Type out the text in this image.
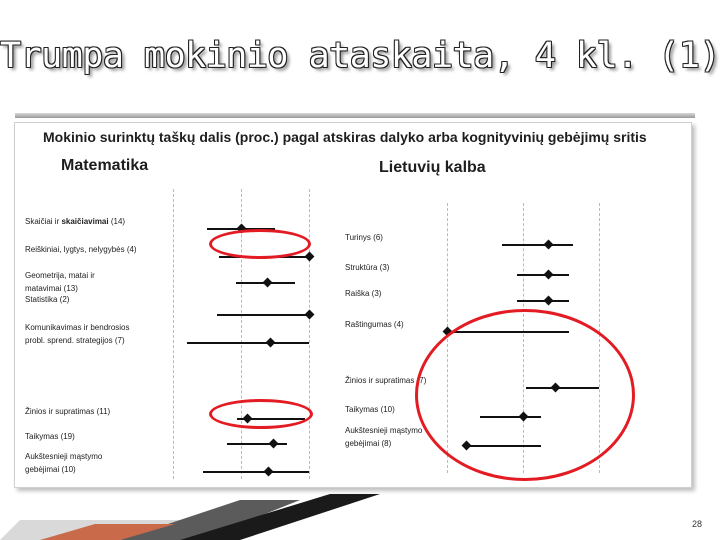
Trumpa mokinio ataskaita, 4 kl. (1)
Mokinio surinktų taškų dalis (proc.) pagal atskiras dalyko arba kognityvinių gebėjimų sritis
Matematika	Lietuvių kalba
Skaičiai ir skaičiavimai (14)
Reiškiniai, lygtys, nelygybės (4)
Geometrija, matai ir
matavimai (13)
Statistika (2)
Komunikavimas ir bendrosios
probl. sprend. strategijos (7)
Žinios ir supratimas (11)
Taikymas (19)
Aukštesnieji mąstymo
gebėjimai (10)
Turinys (6)
Struktūra (3)
Raiška (3)
Raštingumas (4)
Žinios ir supratimas (7)
Taikymas (10)
Aukštesnieji mąstymo
gebėjimai (8)
28
